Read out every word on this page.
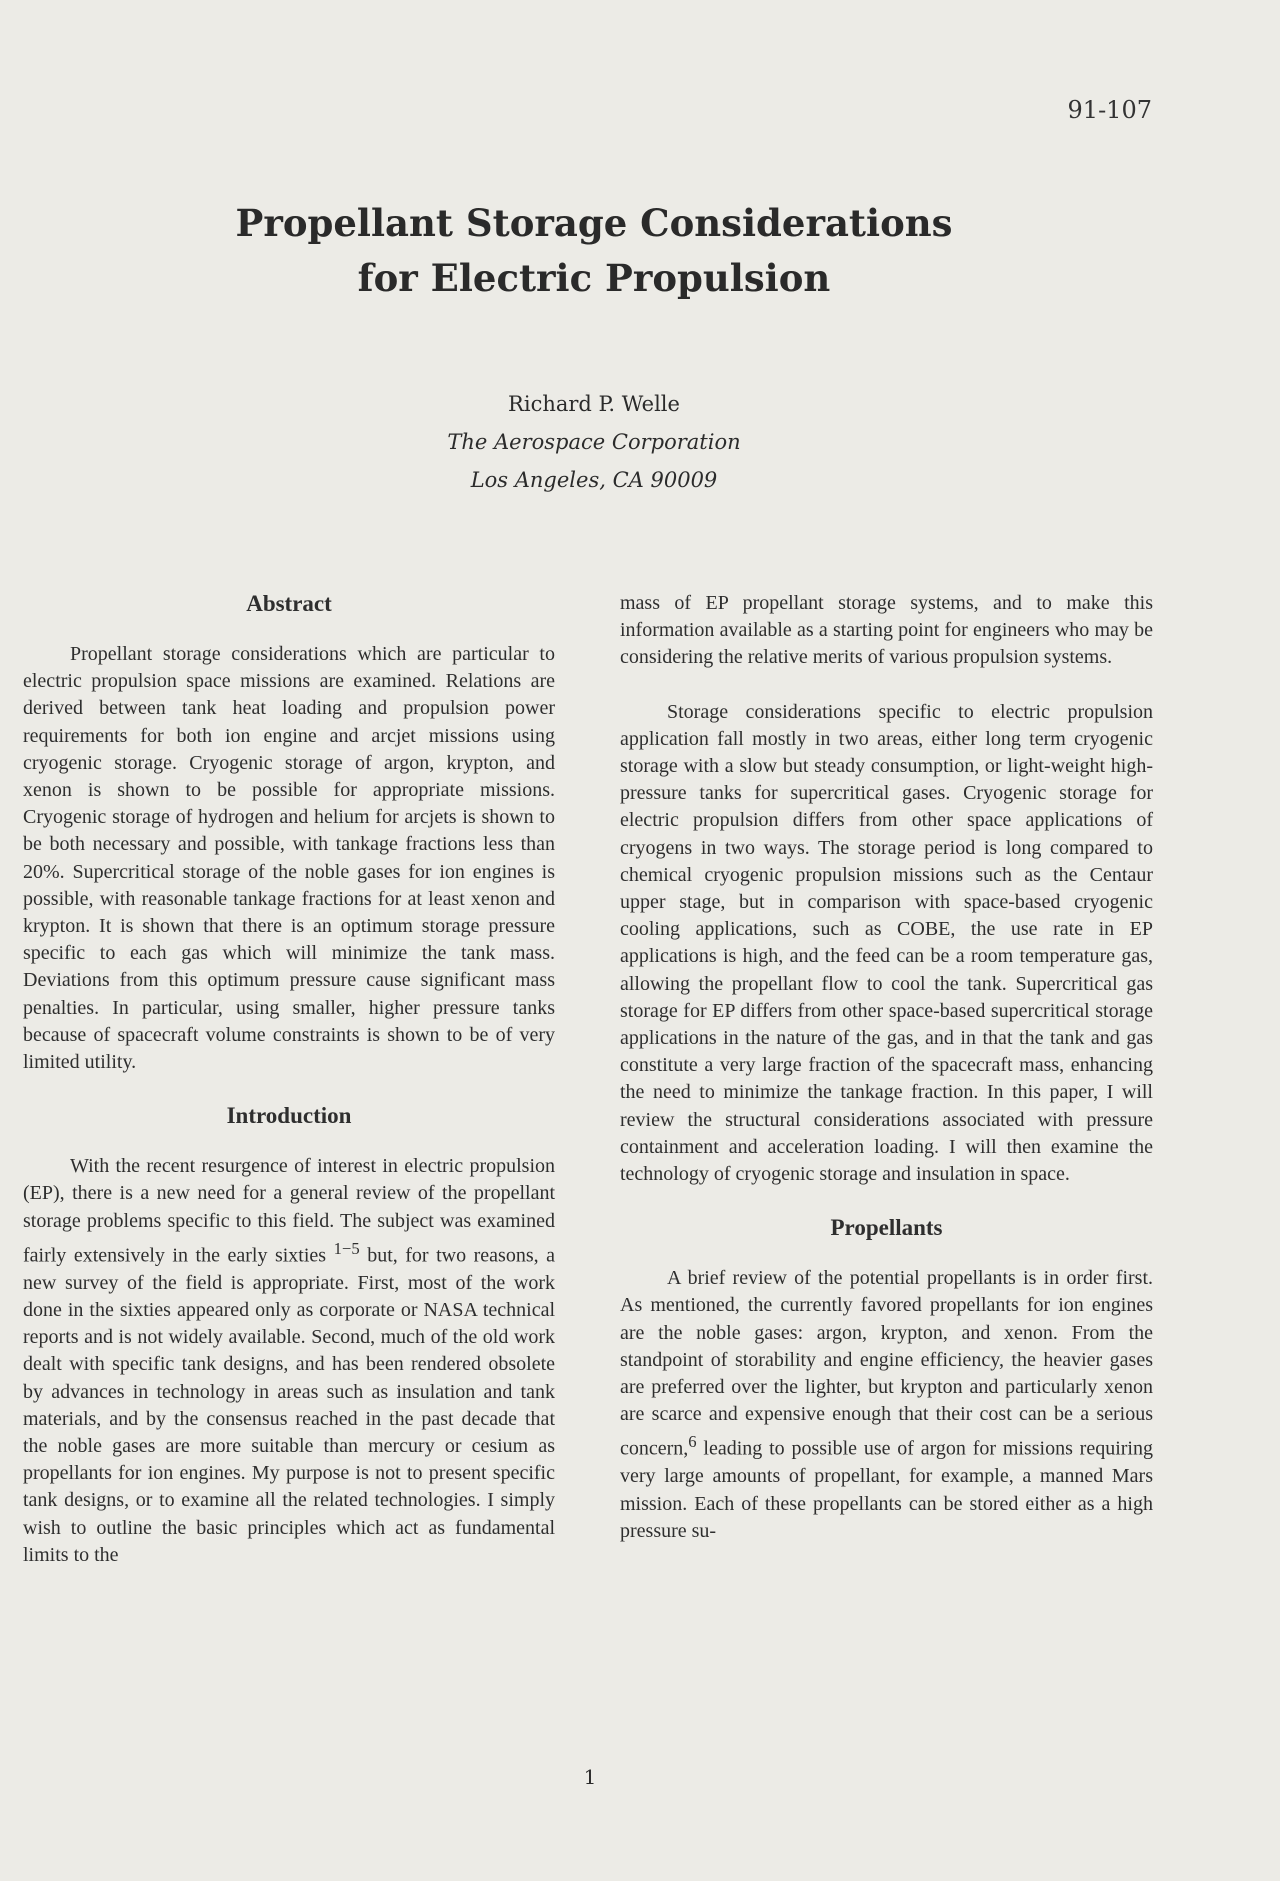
91-107
Propellant Storage Considerations
for Electric Propulsion
Richard P. Welle
The Aerospace Corporation
Los Angeles, CA 90009
Abstract

Propellant storage considerations which are particular to electric propulsion space missions are examined. Relations are derived between tank heat loading and propulsion power requirements for both ion engine and arcjet missions using cryogenic storage. Cryogenic storage of argon, krypton, and xenon is shown to be possible for appropriate missions. Cryogenic storage of hydrogen and helium for arcjets is shown to be both necessary and possible, with tankage fractions less than 20%. Supercritical storage of the noble gases for ion engines is possible, with reasonable tankage fractions for at least xenon and krypton. It is shown that there is an optimum storage pressure specific to each gas which will minimize the tank mass. Deviations from this optimum pressure cause significant mass penalties. In particular, using smaller, higher pressure tanks because of spacecraft volume constraints is shown to be of very limited utility.

Introduction

With the recent resurgence of interest in electric propulsion (EP), there is a new need for a general review of the propellant storage problems specific to this field. The subject was examined fairly extensively in the early sixties $^{1-5}$ but, for two reasons, a new survey of the field is appropriate. First, most of the work done in the sixties appeared only as corporate or NASA technical reports and is not widely available. Second, much of the old work dealt with specific tank designs, and has been rendered obsolete by advances in technology in areas such as insulation and tank materials, and by the consensus reached in the past decade that the noble gases are more suitable than mercury or cesium as propellants for ion engines. My purpose is not to present specific tank designs, or to examine all the related technologies. I simply wish to outline the basic principles which act as fundamental limits to the

mass of EP propellant storage systems, and to make this information available as a starting point for engineers who may be considering the relative merits of various propulsion systems.

Storage considerations specific to electric propulsion application fall mostly in two areas, either long term cryogenic storage with a slow but steady consumption, or light-weight high-pressure tanks for supercritical gases. Cryogenic storage for electric propulsion differs from other space applications of cryogens in two ways. The storage period is long compared to chemical cryogenic propulsion missions such as the Centaur upper stage, but in comparison with space-based cryogenic cooling applications, such as COBE, the use rate in EP applications is high, and the feed can be a room temperature gas, allowing the propellant flow to cool the tank. Supercritical gas storage for EP differs from other space-based supercritical storage applications in the nature of the gas, and in that the tank and gas constitute a very large fraction of the spacecraft mass, enhancing the need to minimize the tankage fraction. In this paper, I will review the structural considerations associated with pressure containment and acceleration loading. I will then examine the technology of cryogenic storage and insulation in space.

Propellants

A brief review of the potential propellants is in order first. As mentioned, the currently favored propellants for ion engines are the noble gases: argon, krypton, and xenon. From the standpoint of storability and engine efficiency, the heavier gases are preferred over the lighter, but krypton and particularly xenon are scarce and expensive enough that their cost can be a serious concern,$^6$ leading to possible use of argon for missions requiring very large amounts of propellant, for example, a manned Mars mission. Each of these propellants can be stored either as a high pressure su-

1
